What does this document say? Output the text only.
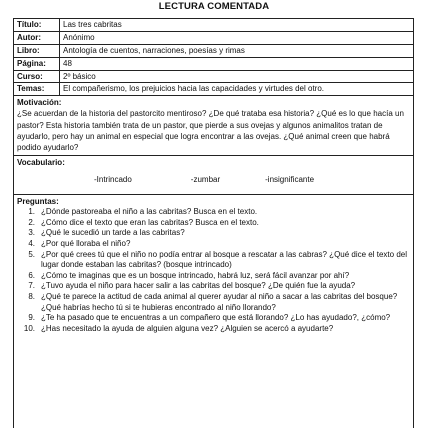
LECTURA COMENTADA
Título:	Las tres cabritas
Autor:	Anónimo
Libro:	Antología de cuentos, narraciones, poesías y rimas
Página:	48
Curso:	2º básico
Temas:	El compañerismo, los prejuicios hacia las capacidades y virtudes del otro.
Motivación:
¿Se acuerdan de la historia del pastorcito mentiroso? ¿De qué trataba esa historia? ¿Qué es lo que hacía un pastor? Esta historia también trata de un pastor, que pierde a sus ovejas y algunos animalitos tratan de ayudarlo, pero hay un animal en especial que logra encontrar a las ovejas. ¿Qué animal creen que habrá podido ayudarlo?
Vocabulario:
-Intrincado	-zumbar	-insignificante
Preguntas:
1. ¿Dónde pastoreaba el niño a las cabritas? Busca en el texto.
2. ¿Cómo dice el texto que eran las cabritas? Busca en el texto.
3. ¿Qué le sucedió un tarde a las cabritas?
4. ¿Por qué lloraba el niño?
5. ¿Por qué crees tú que el niño no podía entrar al bosque a rescatar a las cabras? ¿Qué dice el texto del lugar donde estaban las cabritas? (bosque intrincado)
6. ¿Cómo te imaginas que es un bosque intrincado, habrá luz, será fácil avanzar por ahí?
7. ¿Tuvo ayuda el niño para hacer salir a las cabritas del bosque? ¿De quién fue la ayuda?
8. ¿Qué te parece la actitud de cada animal al querer ayudar al niño a sacar a las cabritas del bosque? ¿Qué habrías hecho tú si te hubieras encontrado al niño llorando?
9. ¿Te ha pasado que te encuentras a un compañero que está llorando? ¿Lo has ayudado?, ¿cómo?
10. ¿Has necesitado la ayuda de alguien alguna vez? ¿Alguien se acercó a ayudarte?
